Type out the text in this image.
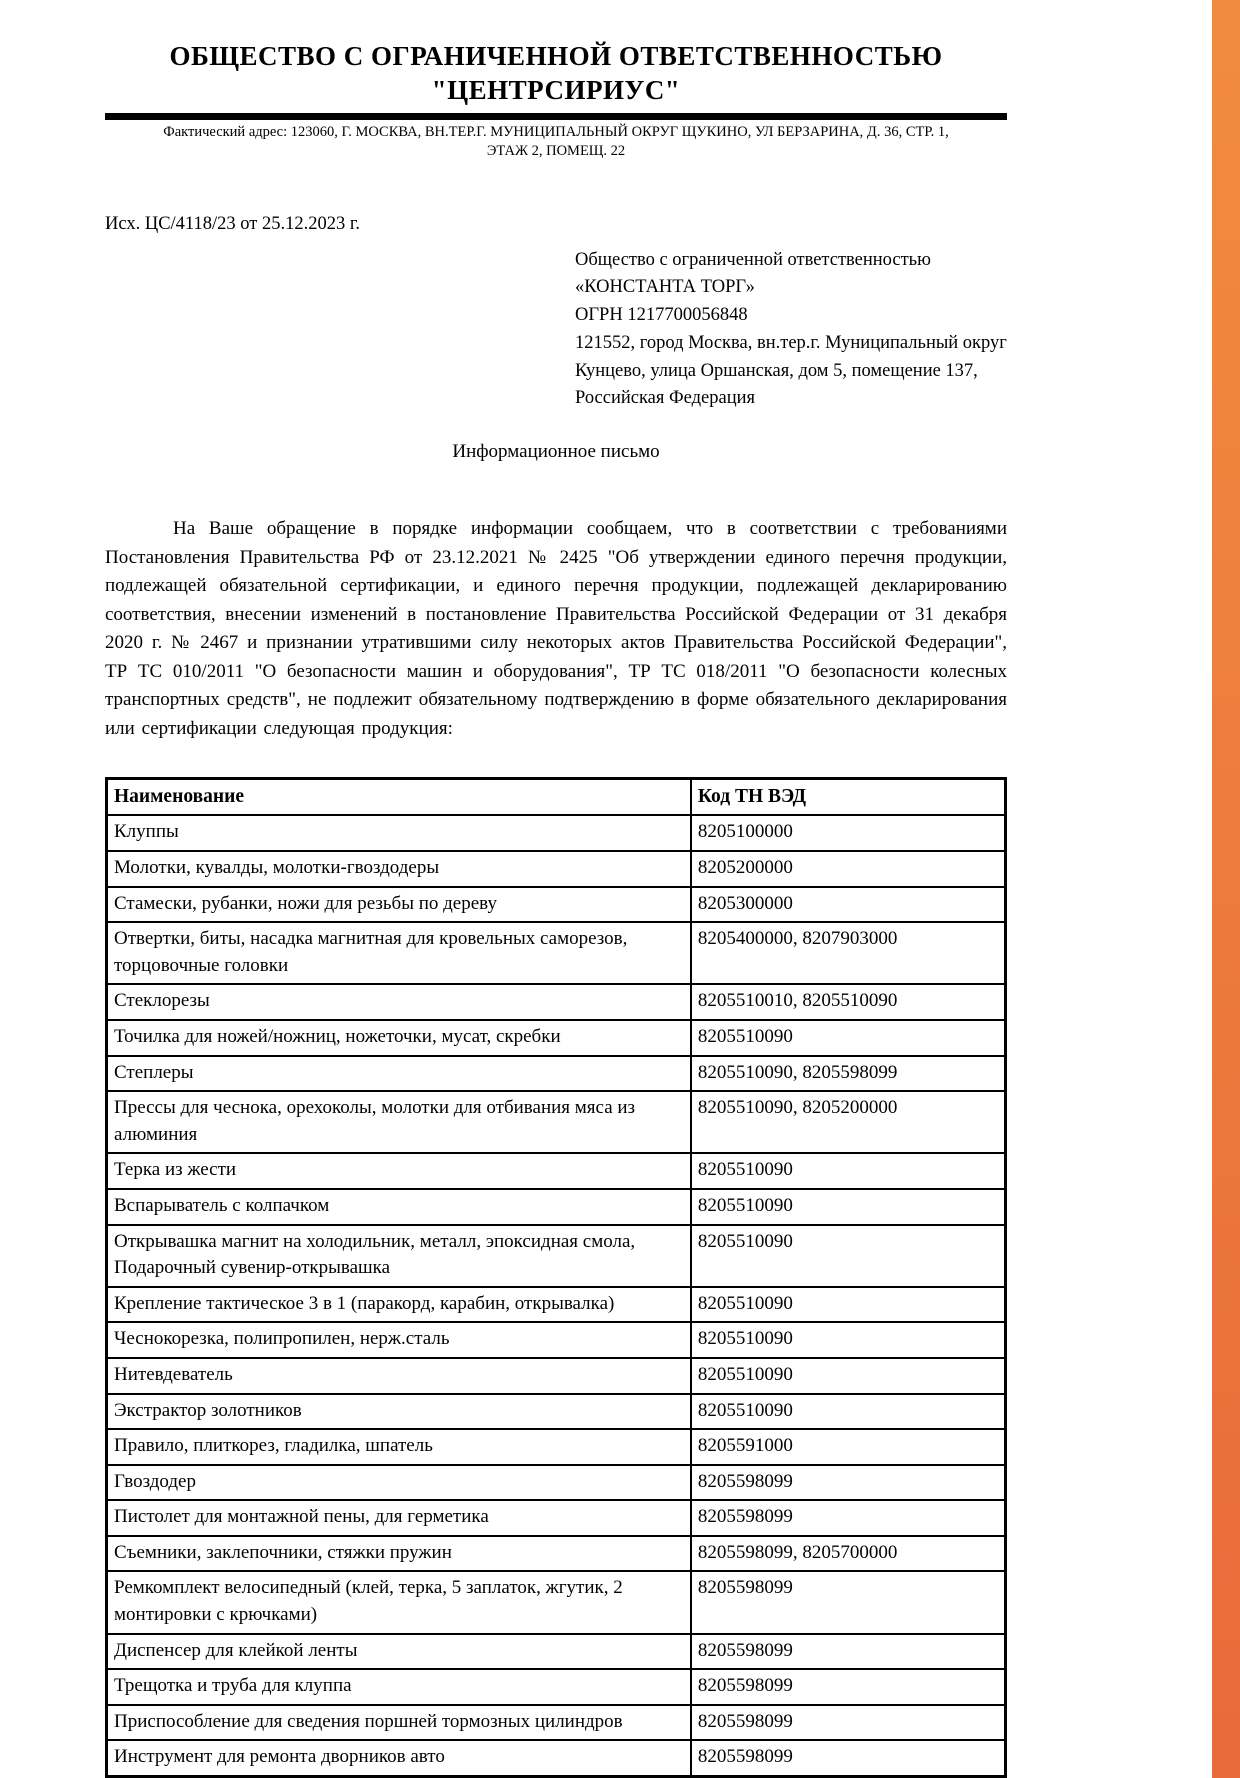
ОБЩЕСТВО С ОГРАНИЧЕННОЙ ОТВЕТСТВЕННОСТЬЮ
"ЦЕНТРСИРИУС"
Фактический адрес: 123060, Г. МОСКВА, ВН.ТЕР.Г. МУНИЦИПАЛЬНЫЙ ОКРУГ ЩУКИНО, УЛ БЕРЗАРИНА, Д. 36, СТР. 1,
ЭТАЖ 2, ПОМЕЩ. 22
Исх. ЦС/4118/23 от 25.12.2023 г.
Общество с ограниченной ответственностью
«КОНСТАНТА ТОРГ»
ОГРН 1217700056848
121552, город Москва, вн.тер.г. Муниципальный округ
Кунцево, улица Оршанская, дом 5, помещение 137,
Российская Федерация
Информационное письмо
На Ваше обращение в порядке информации сообщаем, что в соответствии с требованиями Постановления Правительства РФ от 23.12.2021 № 2425 "Об утверждении единого перечня продукции, подлежащей обязательной сертификации, и единого перечня продукции, подлежащей декларированию соответствия, внесении изменений в постановление Правительства Российской Федерации от 31 декабря 2020 г. № 2467 и признании утратившими силу некоторых актов Правительства Российской Федерации", ТР ТС 010/2011 "О безопасности машин и оборудования", ТР ТС 018/2011 "О безопасности колесных транспортных средств", не подлежит обязательному подтверждению в форме обязательного декларирования или сертификации следующая продукция:
Наименование	Код ТН ВЭД
Клуппы	8205100000
Молотки, кувалды, молотки-гвоздодеры	8205200000
Стамески, рубанки, ножи для резьбы по дереву	8205300000
Отвертки, биты, насадка магнитная для кровельных саморезов, торцовочные головки	8205400000, 8207903000
Стеклорезы	8205510010, 8205510090
Точилка для ножей/ножниц, ножеточки, мусат, скребки	8205510090
Степлеры	8205510090, 8205598099
Прессы для чеснока, орехоколы, молотки для отбивания мяса из алюминия	8205510090, 8205200000
Терка из жести	8205510090
Вспарыватель с колпачком	8205510090
Открывашка магнит на холодильник, металл, эпоксидная смола, Подарочный сувенир-открывашка	8205510090
Крепление тактическое 3 в 1 (паракорд, карабин, открывалка)	8205510090
Чеснокорезка, полипропилен, нерж.сталь	8205510090
Нитевдеватель	8205510090
Экстрактор золотников	8205510090
Правило, плиткорез, гладилка, шпатель	8205591000
Гвоздодер	8205598099
Пистолет для монтажной пены, для герметика	8205598099
Съемники, заклепочники, стяжки пружин	8205598099, 8205700000
Ремкомплект велосипедный (клей, терка, 5 заплаток, жгутик, 2 монтировки с крючками)	8205598099
Диспенсер для клейкой ленты	8205598099
Трещотка и труба для клуппа	8205598099
Приспособление для сведения поршней тормозных цилиндров	8205598099
Инструмент для ремонта дворников авто	8205598099
